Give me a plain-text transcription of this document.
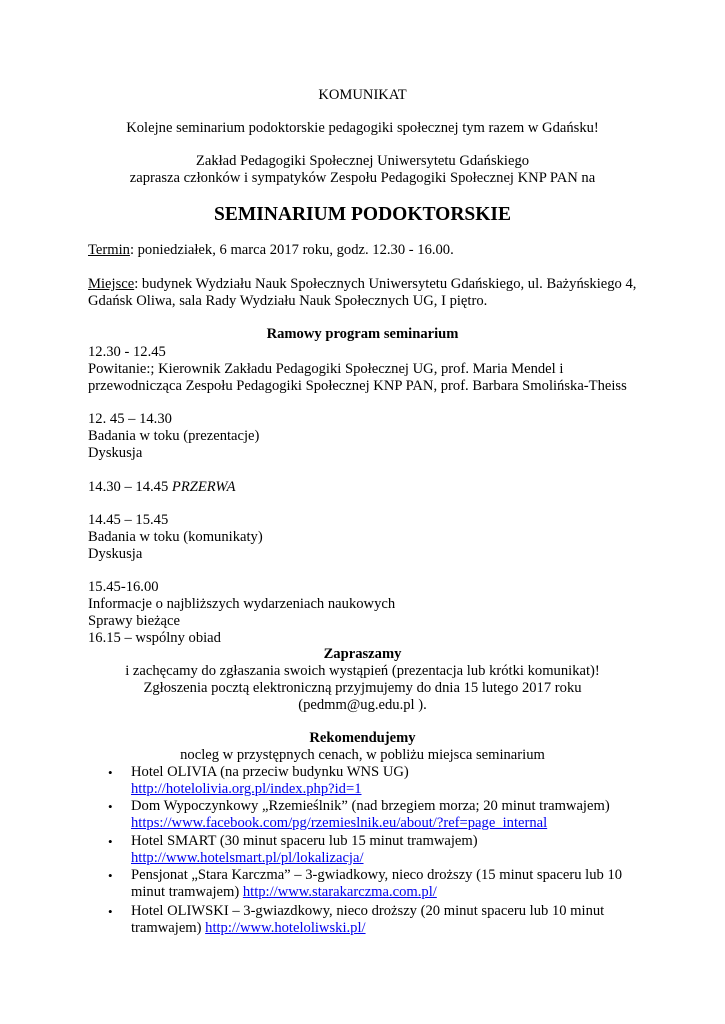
KOMUNIKAT
Kolejne seminarium podoktorskie pedagogiki społecznej tym razem w Gdańsku!
Zakład Pedagogiki Społecznej Uniwersytetu Gdańskiego
zaprasza członków i sympatyków Zespołu Pedagogiki Społecznej KNP PAN na
SEMINARIUM PODOKTORSKIE
Termin: poniedziałek, 6 marca 2017 roku, godz. 12.30 - 16.00.
Miejsce: budynek Wydziału Nauk Społecznych Uniwersytetu Gdańskiego, ul. Bażyńskiego 4,
Gdańsk Oliwa, sala Rady Wydziału Nauk Społecznych UG, I piętro.
Ramowy program seminarium
12.30 - 12.45
Powitanie:; Kierownik Zakładu Pedagogiki Społecznej UG, prof. Maria Mendel i
przewodnicząca Zespołu Pedagogiki Społecznej KNP PAN, prof. Barbara Smolińska-Theiss
12. 45 – 14.30
Badania w toku (prezentacje)
Dyskusja
14.30 – 14.45 PRZERWA
14.45 – 15.45
Badania w toku (komunikaty)
Dyskusja
15.45-16.00
Informacje o najbliższych wydarzeniach naukowych
Sprawy bieżące
16.15 – wspólny obiad
Zapraszamy
i zachęcamy do zgłaszania swoich wystąpień (prezentacja lub krótki komunikat)!
Zgłoszenia pocztą elektroniczną przyjmujemy do dnia 15 lutego 2017 roku
(pedmm@ug.edu.pl ).
Rekomendujemy
nocleg w przystępnych cenach, w pobliżu miejsca seminarium
• Hotel OLIVIA (na przeciw budynku WNS UG)
http://hotelolivia.org.pl/index.php?id=1
• Dom Wypoczynkowy „Rzemieślnik” (nad brzegiem morza; 20 minut tramwajem)
https://www.facebook.com/pg/rzemieslnik.eu/about/?ref=page_internal
• Hotel SMART (30 minut spaceru lub 15 minut tramwajem)
http://www.hotelsmart.pl/pl/lokalizacja/
• Pensjonat „Stara Karczma” – 3-gwiadkowy, nieco droższy (15 minut spaceru lub 10
minut tramwajem) http://www.starakarczma.com.pl/
• Hotel OLIWSKI – 3-gwiazdkowy, nieco droższy (20 minut spaceru lub 10 minut
tramwajem) http://www.hoteloliwski.pl/
